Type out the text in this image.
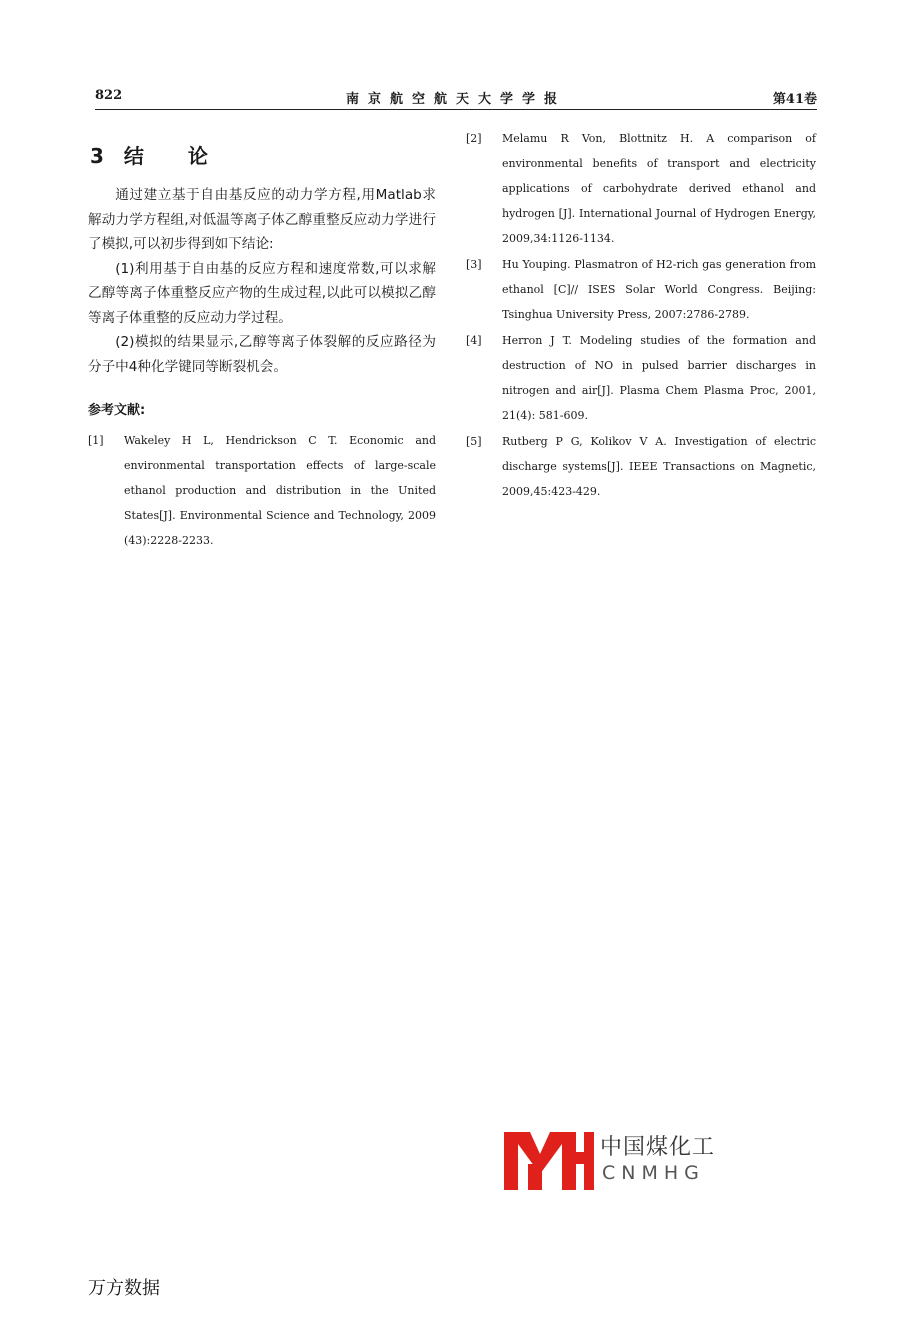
822	南京航空航天大学学报	第41卷
3 结 论

通过建立基于自由基反应的动力学方程,用Matlab求解动力学方程组,对低温等离子体乙醇重整反应动力学进行了模拟,可以初步得到如下结论:

(1)利用基于自由基的反应方程和速度常数,可以求解乙醇等离子体重整反应产物的生成过程,以此可以模拟乙醇等离子体重整的反应动力学过程。

(2)模拟的结果显示,乙醇等离子体裂解的反应路径为分子中4种化学键同等断裂机会。

参考文献:
[1] Wakeley H L, Hendrickson C T. Economic and environmental transportation effects of large-scale ethanol production and distribution in the United States[J]. Environmental Science and Technology, 2009 (43):2228-2233.
[2] Melamu R Von, Blottnitz H. A comparison of environmental benefits of transport and electricity applications of carbohydrate derived ethanol and hydrogen [J]. International Journal of Hydrogen Energy, 2009,34:1126-1134.
[3] Hu Youping. Plasmatron of H2-rich gas generation from ethanol [C]// ISES Solar World Congress. Beijing: Tsinghua University Press, 2007:2786-2789.
[4] Herron J T. Modeling studies of the formation and destruction of NO in pulsed barrier discharges in nitrogen and air[J]. Plasma Chem Plasma Proc, 2001, 21(4): 581-609.
[5] Rutberg P G, Kolikov V A. Investigation of electric discharge systems[J]. IEEE Transactions on Magnetic, 2009,45:423-429.
中国煤化工
CNMHG
万方数据
